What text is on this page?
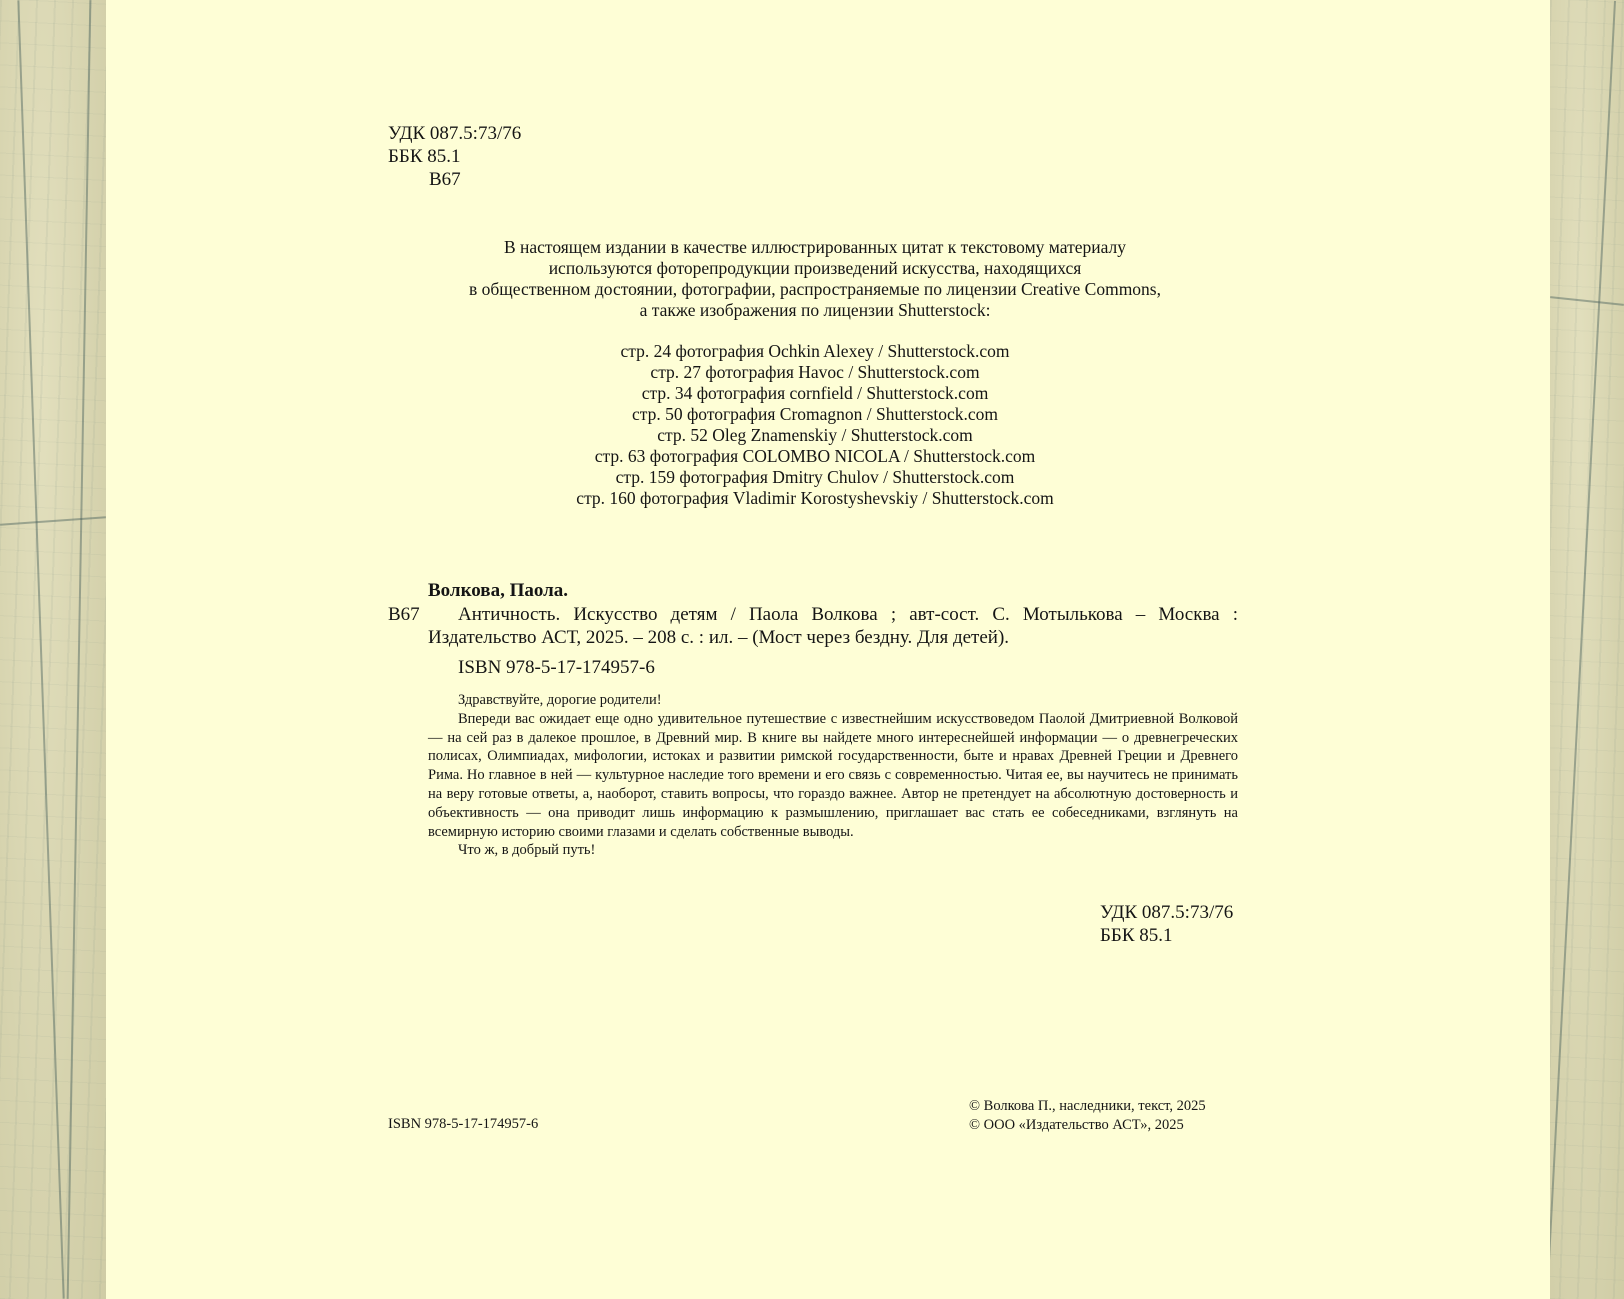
УДК 087.5:73/76
ББК 85.1
В67
В настоящем издании в качестве иллюстрированных цитат к текстовому материалу
используются фоторепродукции произведений искусства, находящихся
в общественном достоянии, фотографии, распространяемые по лицензии Creative Commons,
а также изображения по лицензии Shutterstock:
стр. 24 фотография Ochkin Alexey / Shutterstock.com
стр. 27 фотография Havoc / Shutterstock.com
стр. 34 фотография cornfield / Shutterstock.com
стр. 50 фотография Cromagnon / Shutterstock.com
стр. 52 Oleg Znamenskiy / Shutterstock.com
стр. 63 фотография COLOMBO NICOLA / Shutterstock.com
стр. 159 фотография Dmitry Chulov / Shutterstock.com
стр. 160 фотография Vladimir Korostyshevskiy / Shutterstock.com
Волкова, Паола.
В67	Античность. Искусство детям / Паола Волкова ; авт-сост. С. Мотылькова – Москва :
Издательство АСТ, 2025. – 208 с. : ил. – (Мост через бездну. Для детей).
ISBN 978-5-17-174957-6

Здравствуйте, дорогие родители!

Впереди вас ожидает еще одно удивительное путешествие с известнейшим искусствоведом Паолой Дмитриевной Волковой — на сей раз в далекое прошлое, в Древний мир. В книге вы найдете много интереснейшей информации — о древнегреческих полисах, Олимпиадах, мифологии, истоках и развитии римской государственности, быте и нравах Древней Греции и Древнего Рима. Но главное в ней — культурное наследие того времени и его связь с современностью. Читая ее, вы научитесь не принимать на веру готовые ответы, а, наоборот, ставить вопросы, что гораздо важнее. Автор не претендует на абсолютную достоверность и объективность — она приводит лишь информацию к размышлению, приглашает вас стать ее собеседниками, взглянуть на всемирную историю своими глазами и сделать собственные выводы.

Что ж, в добрый путь!

УДК 087.5:73/76
ББК 85.1
ISBN 978-5-17-174957-6
© Волкова П., наследники, текст, 2025
© ООО «Издательство АСТ», 2025
